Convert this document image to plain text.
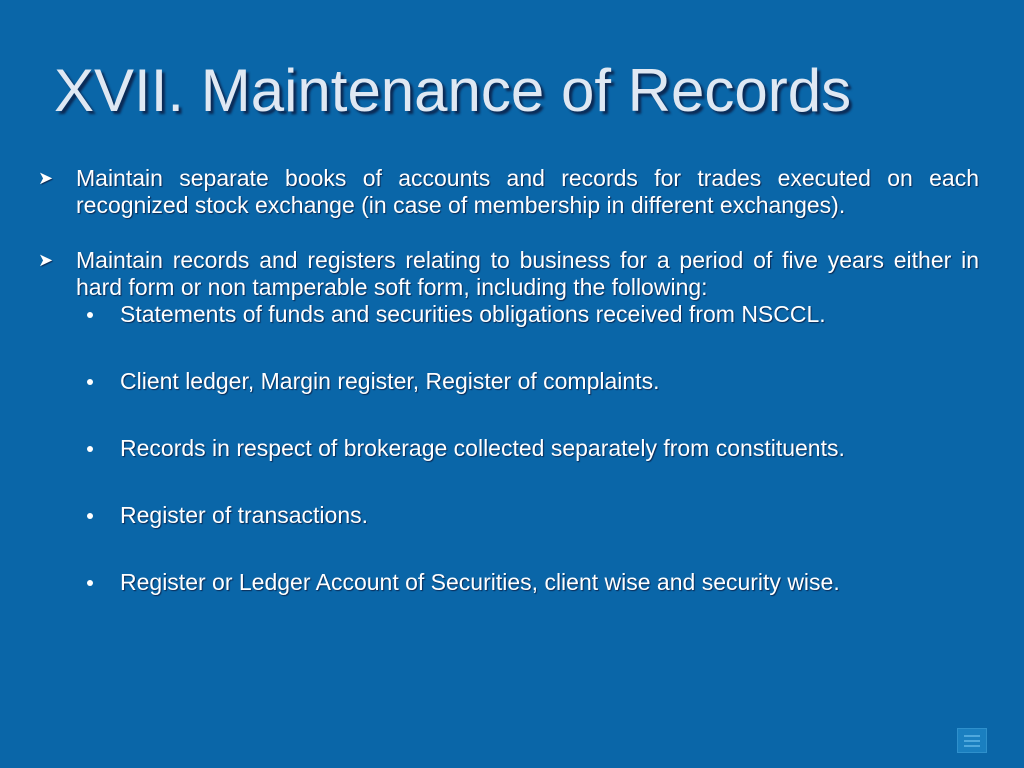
XVII. Maintenance of Records
➤ Maintain separate books of accounts and records for trades executed on each recognized stock exchange (in case of membership in different exchanges).
➤ Maintain records and registers relating to business for a period of five years either in hard form or non tamperable soft form, including the following:
Statements of funds and securities obligations received from NSCCL.
Client ledger, Margin register, Register of complaints.
Records in respect of brokerage collected separately from constituents.
Register of transactions.
Register or Ledger Account of Securities, client wise and security wise.
